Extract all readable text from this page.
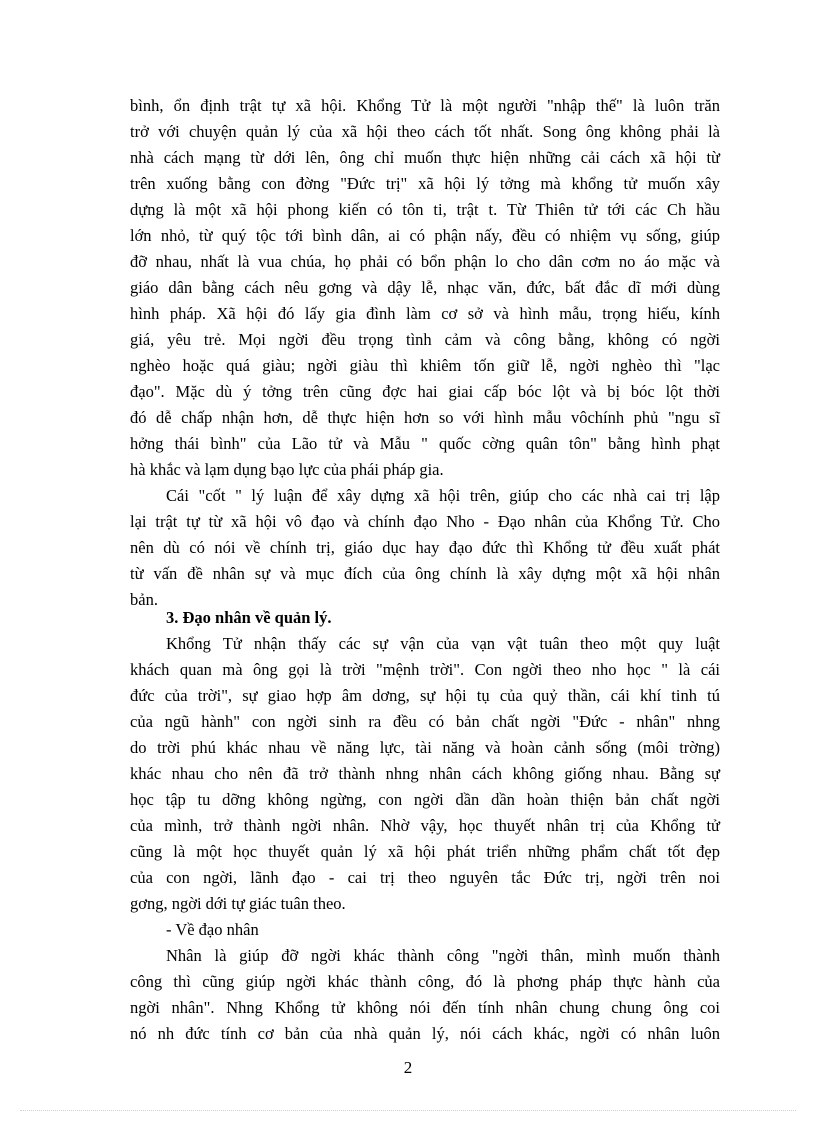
bình, ổn định trật tự xã hội. Khổng Tử là một người "nhập thế" là luôn trăn
trở với chuyện quản lý của xã hội theo cách tốt nhất. Song ông không phải là
nhà cách mạng từ dới lên, ông chỉ muốn thực hiện những cải cách xã hội từ
trên xuống bằng con đờng "Đức trị" xã hội lý tởng mà khổng tử muốn xây
dựng là một xã hội phong kiến có tôn ti, trật t. Từ Thiên tử tới các Ch hầu
lớn nhỏ, từ quý tộc tới bình dân, ai có phận nấy, đều có nhiệm vụ sống, giúp
đỡ nhau, nhất là vua chúa, họ phải có bổn phận lo cho dân cơm no áo mặc và
giáo dân bằng cách nêu gơng và dậy lễ, nhạc văn, đức, bất đắc dĩ mới dùng
hình pháp. Xã hội đó lấy gia đình làm cơ sở và hình mẫu, trọng hiếu, kính
giá, yêu trẻ. Mọi ngời đều trọng tình cảm và công bằng, không có ngời
nghèo hoặc quá giàu; ngời giàu thì khiêm tốn giữ lễ, ngời nghèo thì "lạc
đạo". Mặc dù ý tởng trên cũng đợc hai giai cấp bóc lột và bị bóc lột thời
đó dễ chấp nhận hơn, dễ thực hiện hơn so với hình mẫu vôchính phủ "ngu sĩ
hởng thái bình" của Lão tử và Mẫu " quốc cờng quân tôn" bằng hình phạt
hà khắc và lạm dụng bạo lực của phái pháp gia.
Cái "cốt " lý luận để xây dựng xã hội trên, giúp cho các nhà cai trị lập
lại trật tự từ xã hội vô đạo và chính đạo Nho - Đạo nhân của Khổng Tử. Cho
nên dù có nói về chính trị, giáo dục hay đạo đức thì Khổng tử đều xuất phát
từ vấn đề nhân sự và mục đích của ông chính là xây dựng một xã hội nhân
bản.
3. Đạo nhân về quản lý.
Khổng Tử nhận thấy các sự vận của vạn vật tuân theo một quy luật
khách quan mà ông gọi là trời "mệnh trời". Con ngời theo nho học " là cái
đức của trời", sự giao hợp âm dơng, sự hội tụ của quỷ thần, cái khí tinh tú
của ngũ hành" con ngời sinh ra đều có bản chất ngời "Đức - nhân" nhng
do trời phú khác nhau về năng lực, tài năng và hoàn cảnh sống (môi trờng)
khác nhau cho nên đã trở thành nhng nhân cách không giống nhau. Bằng sự
học tập tu dỡng không ngừng, con ngời dần dần hoàn thiện bản chất ngời
của mình, trở thành ngời nhân. Nhờ vậy, học thuyết nhân trị của Khổng tử
cũng là một học thuyết quản lý xã hội phát triển những phẩm chất tốt đẹp
của con ngời, lãnh đạo - cai trị theo nguyên tắc Đức trị, ngời trên noi
gơng, ngời dới tự giác tuân theo.
- Về đạo nhân
Nhân là giúp đỡ ngời khác thành công "ngời thân, mình muốn thành
công thì cũng giúp ngời khác thành công, đó là phơng pháp thực hành của
ngời nhân". Nhng Khổng tử không nói đến tính nhân chung chung ông coi
nó nh đức tính cơ bản của nhà quản lý, nói cách khác, ngời có nhân luôn
2
